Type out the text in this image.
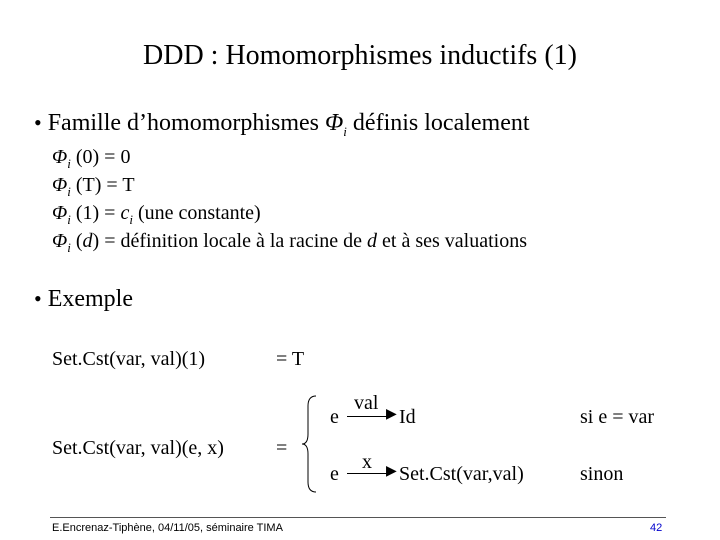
DDD : Homomorphismes inductifs (1)
• Famille d’homomorphismes $\Phi_i$ définis localement
$\Phi_i$ (0) = 0
$\Phi_i$ (T) = T
$\Phi_i$ $(1) = c_i$ (une constante)
$\Phi_i$ (d) = définition locale à la racine de d et à ses valuations
• Exemple
Set.Cst(var, val)(1)	= T
Set.Cst(var, val)(e, x)	=
e
val
▶ Id	si e = var
e
x ▶ Set.Cst(var,val)	sinon
E.Encrenaz-Tiphène, 04/11/05, séminaire TIMA	42
